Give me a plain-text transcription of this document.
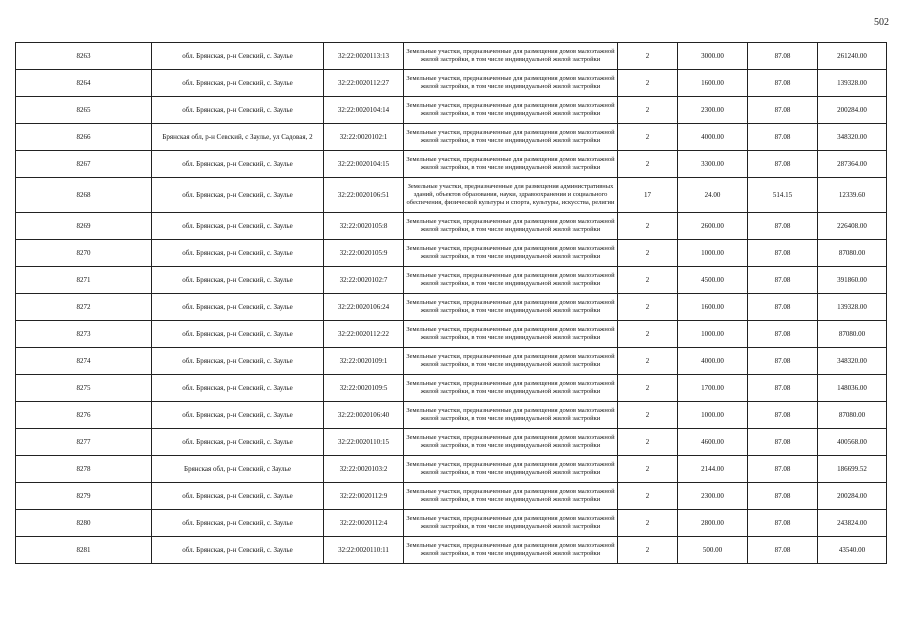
502
8263	обл. Брянская, р-н Севский, с. Заулье	32:22:0020113:13	Земельные участки, предназначенные для размещения домов малоэтажной жилой застройки, в том числе индивидуальной жилой застройки	2	3000.00	87.08	261240.00
8264	обл. Брянская, р-н Севский, с. Заулье	32:22:0020112:27	Земельные участки, предназначенные для размещения домов малоэтажной жилой застройки, в том числе индивидуальной жилой застройки	2	1600.00	87.08	139328.00
8265	обл. Брянская, р-н Севский, с. Заулье	32:22:0020104:14	Земельные участки, предназначенные для размещения домов малоэтажной жилой застройки, в том числе индивидуальной жилой застройки	2	2300.00	87.08	200284.00
8266	Брянская обл, р-н Севский, с Заулье, ул Садовая, 2	32:22:0020102:1	Земельные участки, предназначенные для размещения домов малоэтажной жилой застройки, в том числе индивидуальной жилой застройки	2	4000.00	87.08	348320.00
8267	обл. Брянская, р-н Севский, с. Заулье	32:22:0020104:15	Земельные участки, предназначенные для размещения домов малоэтажной жилой застройки, в том числе индивидуальной жилой застройки	2	3300.00	87.08	287364.00
8268	обл. Брянская, р-н Севский, с. Заулье	32:22:0020106:51	Земельные участки, предназначенные для размещения административных зданий, объектов образования, науки, здравоохранения и социального обеспечения, физической культуры и спорта, культуры, искусства, религии	17	24.00	514.15	12339.60
8269	обл. Брянская, р-н Севский, с. Заулье	32:22:0020105:8	Земельные участки, предназначенные для размещения домов малоэтажной жилой застройки, в том числе индивидуальной жилой застройки	2	2600.00	87.08	226408.00
8270	обл. Брянская, р-н Севский, с. Заулье	32:22:0020105:9	Земельные участки, предназначенные для размещения домов малоэтажной жилой застройки, в том числе индивидуальной жилой застройки	2	1000.00	87.08	87080.00
8271	обл. Брянская, р-н Севский, с. Заулье	32:22:0020102:7	Земельные участки, предназначенные для размещения домов малоэтажной жилой застройки, в том числе индивидуальной жилой застройки	2	4500.00	87.08	391860.00
8272	обл. Брянская, р-н Севский, с. Заулье	32:22:0020106:24	Земельные участки, предназначенные для размещения домов малоэтажной жилой застройки, в том числе индивидуальной жилой застройки	2	1600.00	87.08	139328.00
8273	обл. Брянская, р-н Севский, с. Заулье	32:22:0020112:22	Земельные участки, предназначенные для размещения домов малоэтажной жилой застройки, в том числе индивидуальной жилой застройки	2	1000.00	87.08	87080.00
8274	обл. Брянская, р-н Севский, с. Заулье	32:22:0020109:1	Земельные участки, предназначенные для размещения домов малоэтажной жилой застройки, в том числе индивидуальной жилой застройки	2	4000.00	87.08	348320.00
8275	обл. Брянская, р-н Севский, с. Заулье	32:22:0020109:5	Земельные участки, предназначенные для размещения домов малоэтажной жилой застройки, в том числе индивидуальной жилой застройки	2	1700.00	87.08	148036.00
8276	обл. Брянская, р-н Севский, с. Заулье	32:22:0020106:40	Земельные участки, предназначенные для размещения домов малоэтажной жилой застройки, в том числе индивидуальной жилой застройки	2	1000.00	87.08	87080.00
8277	обл. Брянская, р-н Севский, с. Заулье	32:22:0020110:15	Земельные участки, предназначенные для размещения домов малоэтажной жилой застройки, в том числе индивидуальной жилой застройки	2	4600.00	87.08	400568.00
8278	Брянская обл, р-н Севский, с Заулье	32:22:0020103:2	Земельные участки, предназначенные для размещения домов малоэтажной жилой застройки, в том числе индивидуальной жилой застройки	2	2144.00	87.08	186699.52
8279	обл. Брянская, р-н Севский, с. Заулье	32:22:0020112:9	Земельные участки, предназначенные для размещения домов малоэтажной жилой застройки, в том числе индивидуальной жилой застройки	2	2300.00	87.08	200284.00
8280	обл. Брянская, р-н Севский, с. Заулье	32:22:0020112:4	Земельные участки, предназначенные для размещения домов малоэтажной жилой застройки, в том числе индивидуальной жилой застройки	2	2800.00	87.08	243824.00
8281	обл. Брянская, р-н Севский, с. Заулье	32:22:0020110:11	Земельные участки, предназначенные для размещения домов малоэтажной жилой застройки, в том числе индивидуальной жилой застройки	2	500.00	87.08	43540.00
